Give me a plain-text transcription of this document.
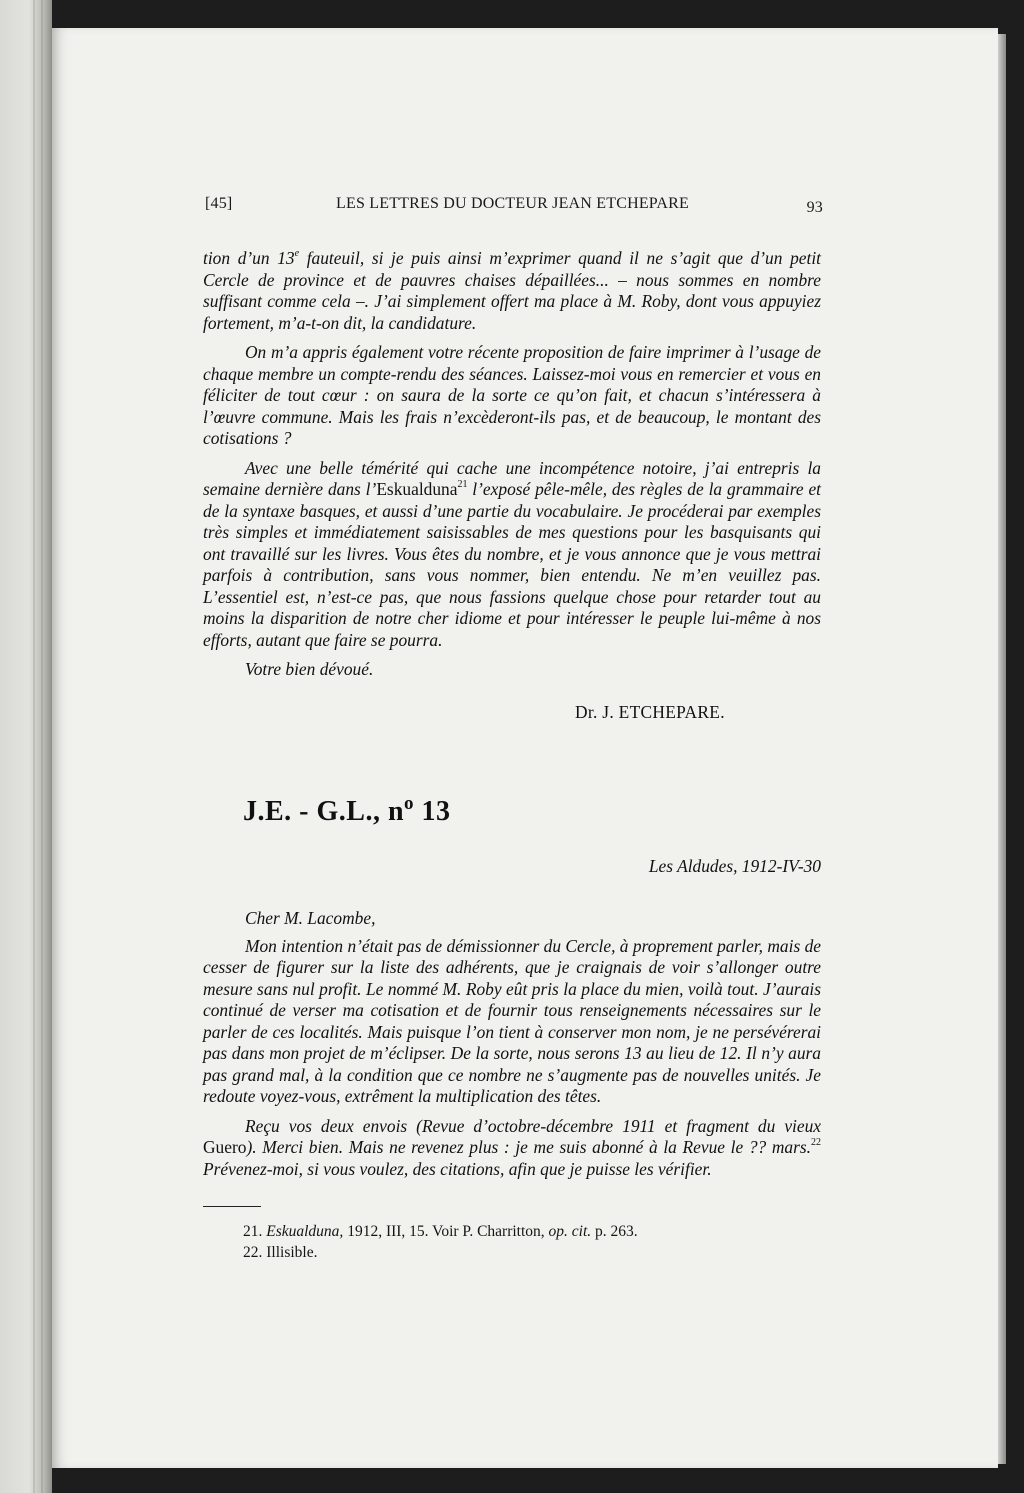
[45]	LES LETTRES DU DOCTEUR JEAN ETCHEPARE	93

tion d’un 13e fauteuil, si je puis ainsi m’exprimer quand il ne s’agit que d’un petit Cercle de province et de pauvres chaises dépaillées... – nous sommes en nombre suffisant comme cela –. J’ai simplement offert ma place à M. Roby, dont vous appuyiez fortement, m’a-t-on dit, la candidature.

On m’a appris également votre récente proposition de faire imprimer à l’usage de chaque membre un compte-rendu des séances. Laissez-moi vous en remercier et vous en féliciter de tout cœur : on saura de la sorte ce qu’on fait, et chacun s’intéressera à l’œuvre commune. Mais les frais n’excèderont-ils pas, et de beaucoup, le montant des cotisations ?

Avec une belle témérité qui cache une incompétence notoire, j’ai entrepris la semaine dernière dans l’Eskualduna$^{21}$ l’exposé pêle-mêle, des règles de la grammaire et de la syntaxe basques, et aussi d’une partie du vocabulaire. Je procéderai par exemples très simples et immédiatement saisissables de mes questions pour les basquisants qui ont travaillé sur les livres. Vous êtes du nombre, et je vous annonce que je vous mettrai parfois à contribution, sans vous nommer, bien entendu. Ne m’en veuillez pas. L’essentiel est, n’est-ce pas, que nous fassions quelque chose pour retarder tout au moins la disparition de notre cher idiome et pour intéresser le peuple lui-même à nos efforts, autant que faire se pourra.

Votre bien dévoué.

Dr. J. ETCHEPARE.
J.E. - G.L., $n^o$ 13
Les Aldudes, 1912-IV-30

Cher M. Lacombe,

Mon intention n’était pas de démissionner du Cercle, à proprement parler, mais de cesser de figurer sur la liste des adhérents, que je craignais de voir s’allonger outre mesure sans nul profit. Le nommé M. Roby eût pris la place du mien, voilà tout. J’aurais continué de verser ma cotisation et de fournir tous renseignements nécessaires sur le parler de ces localités. Mais puisque l’on tient à conserver mon nom, je ne persévérerai pas dans mon projet de m’éclipser. De la sorte, nous serons 13 au lieu de 12. Il n’y aura pas grand mal, à la condition que ce nombre ne s’augmente pas de nouvelles unités. Je redoute voyez-vous, extrêment la multiplication des têtes.

Reçu vos deux envois (Revue d’octobre-décembre 1911 et fragment du vieux Guero). Merci bien. Mais ne revenez plus : je me suis abonné à la Revue le ?? mars.$^{22}$ Prévenez-moi, si vous voulez, des citations, afin que je puisse les vérifier.

21. Eskualduna, 1912, III, 15. Voir P. Charritton, op. cit. p. 263.
22. Illisible.
